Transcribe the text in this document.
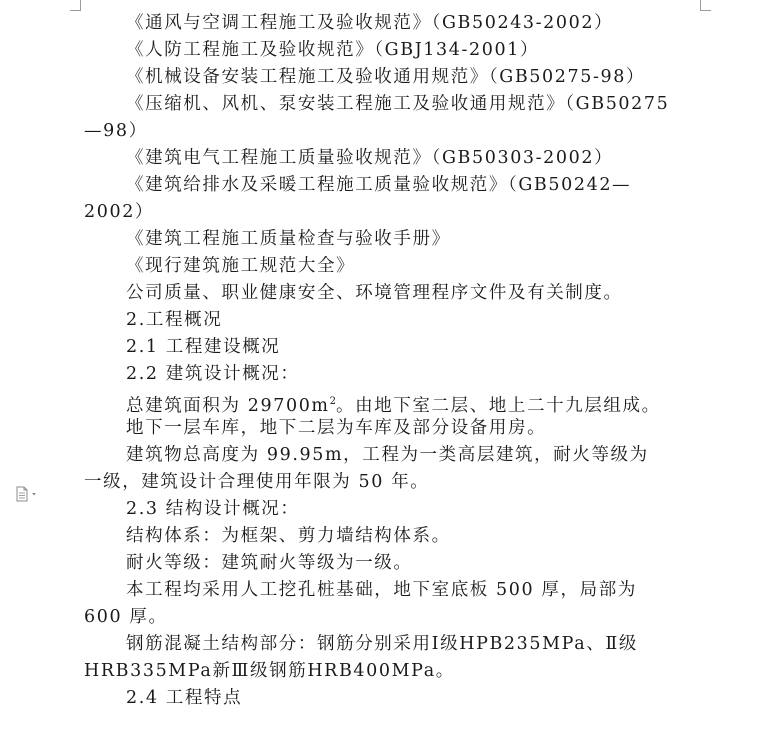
《通风与空调工程施工及验收规范》（GB50243-2002）
《人防工程施工及验收规范》（GBJ134-2001）
《机械设备安装工程施工及验收通用规范》（GB50275-98）
《压缩机、风机、泵安装工程施工及验收通用规范》（GB50275
—98）
《建筑电气工程施工质量验收规范》（GB50303-2002）
《建筑给排水及采暖工程施工质量验收规范》（GB50242—
2002）
《建筑工程施工质量检查与验收手册》
《现行建筑施工规范大全》
公司质量、职业健康安全、环境管理程序文件及有关制度。
2.工程概况
2.1 工程建设概况
2.2 建筑设计概况：
总建筑面积为 $29700m^2$。由地下室二层、地上二十九层组成。
地下一层车库，地下二层为车库及部分设备用房。
建筑物总高度为 99.95m，工程为一类高层建筑，耐火等级为
一级，建筑设计合理使用年限为 50 年。
2.3 结构设计概况：
结构体系：为框架、剪力墙结构体系。
耐火等级：建筑耐火等级为一级。
本工程均采用人工挖孔桩基础，地下室底板 500 厚，局部为
600 厚。
钢筋混凝土结构部分：钢筋分别采用Ⅰ级HPB235MPa、Ⅱ级
HRB335MPa新Ⅲ级钢筋HRB400MPa。
2.4 工程特点
